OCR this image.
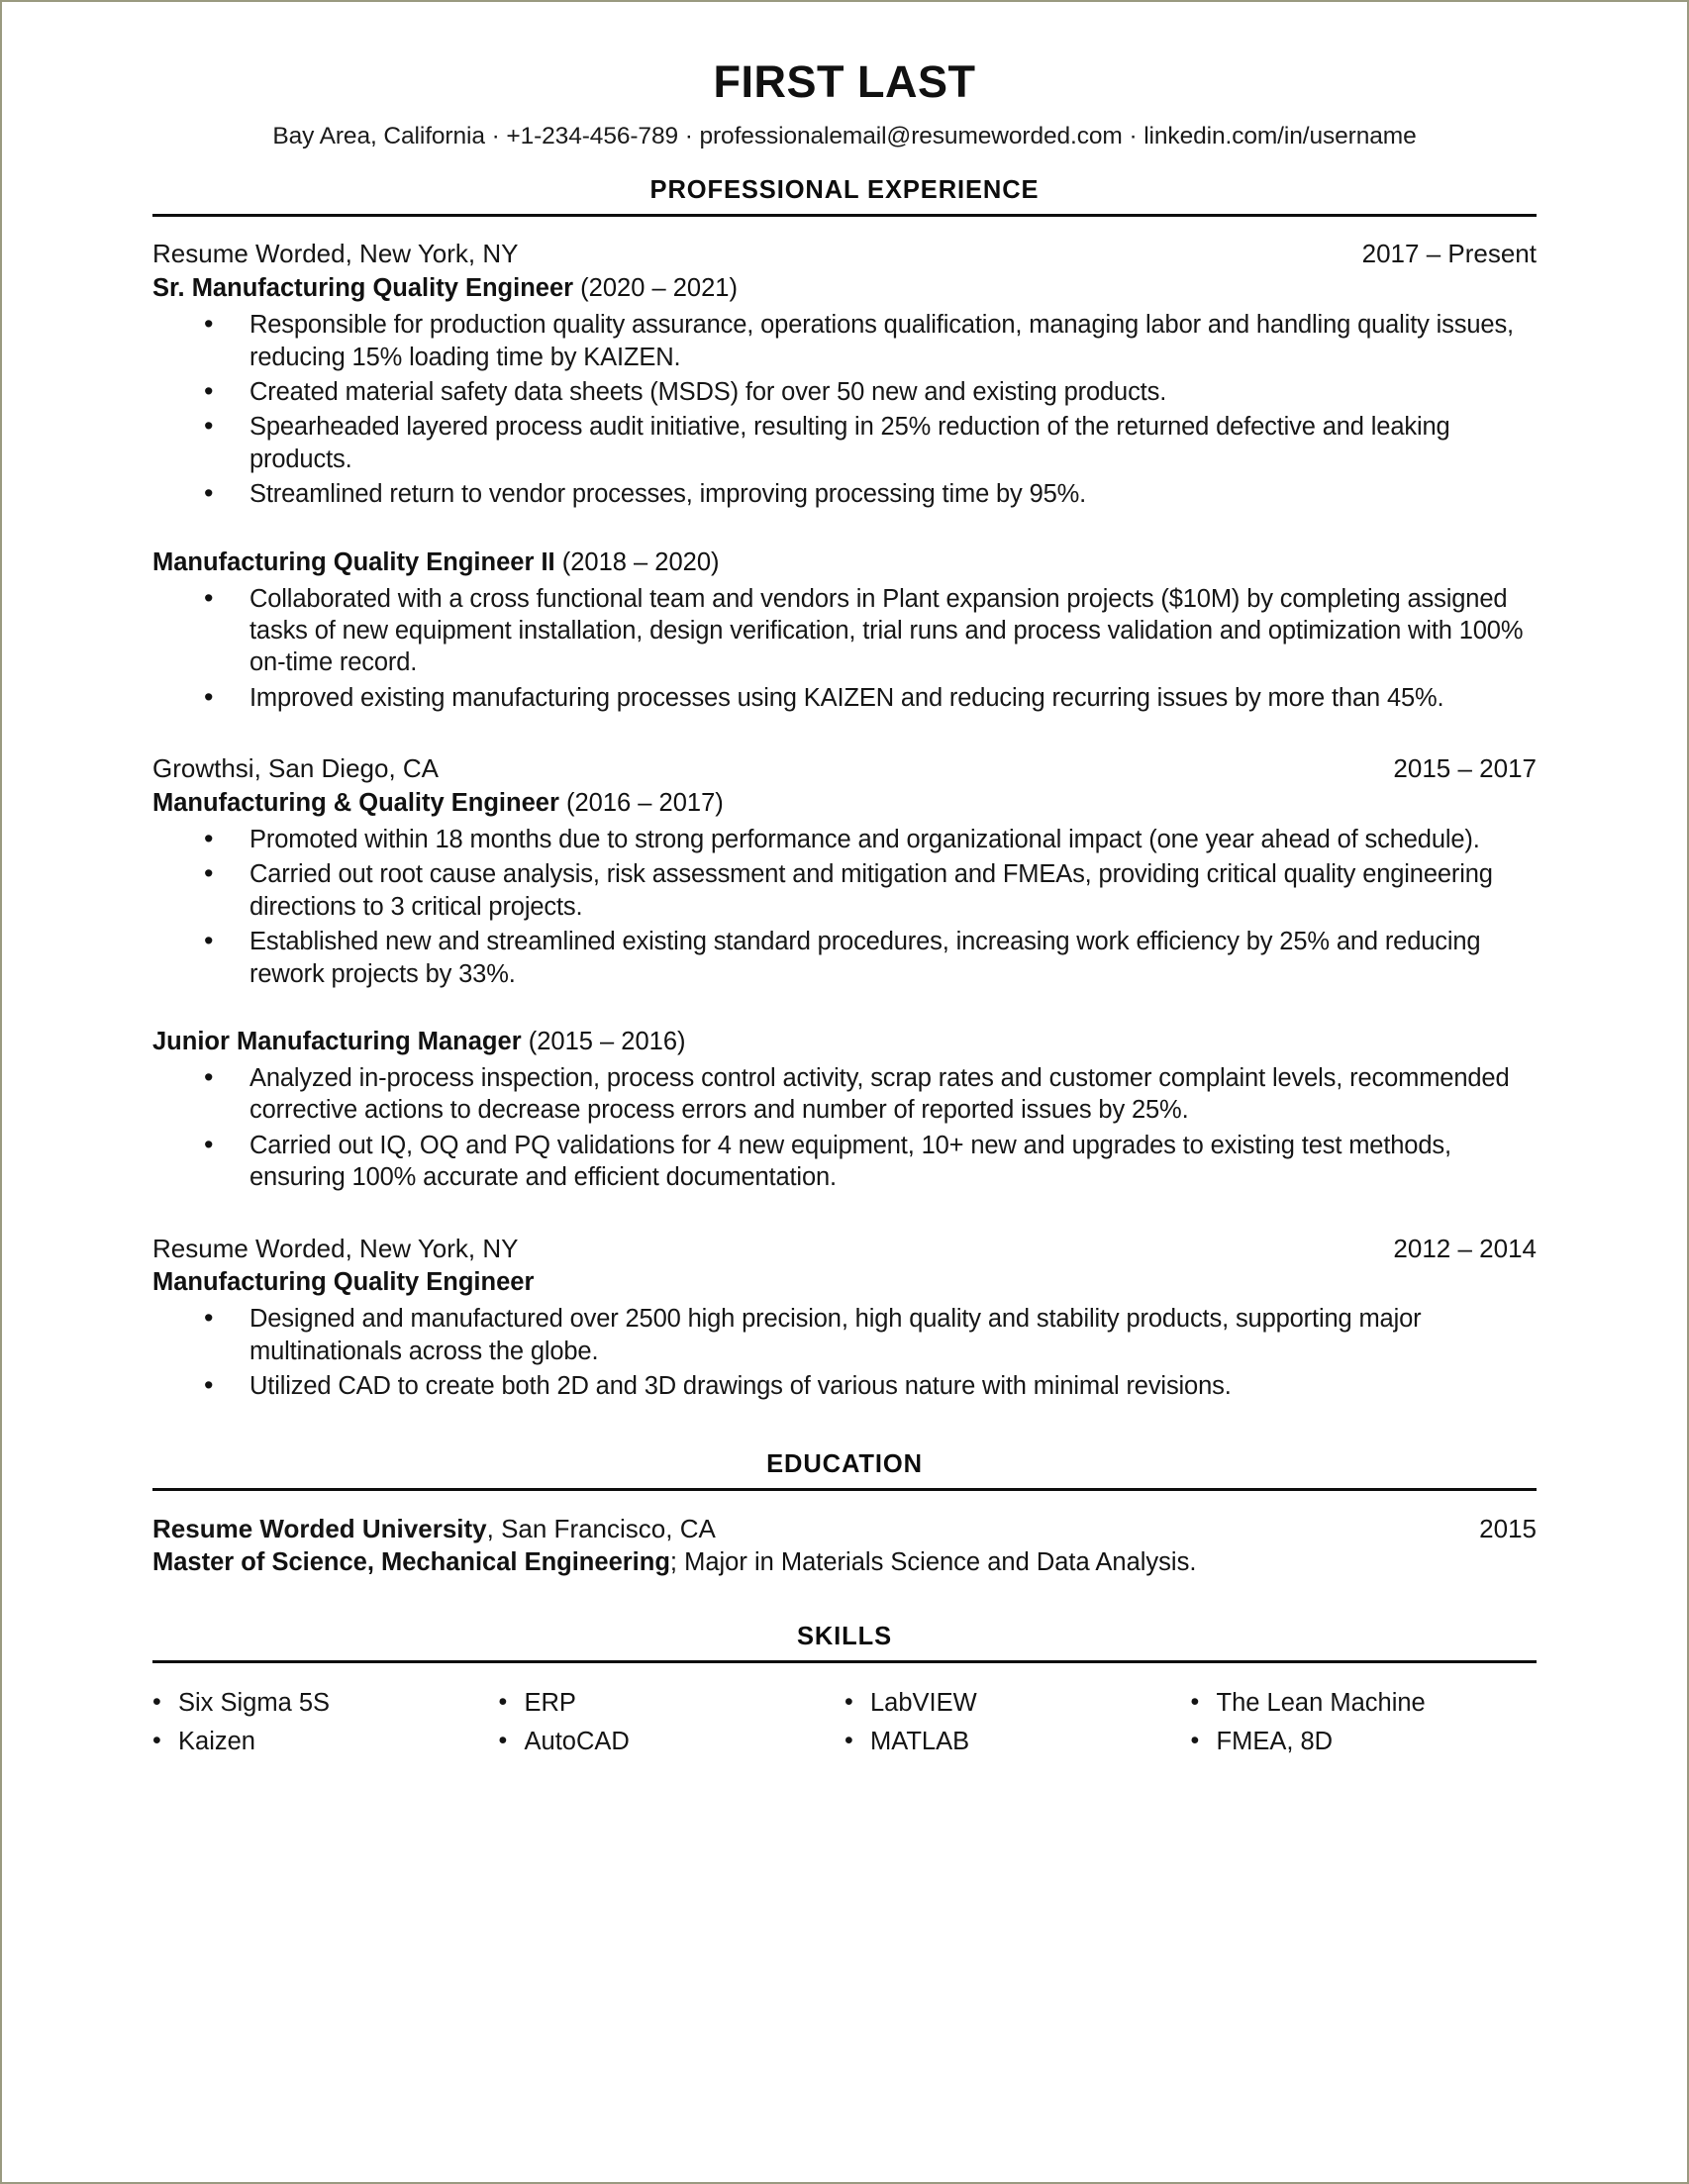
FIRST LAST
Bay Area, California · +1-234-456-789 · professionalemail@resumeworded.com · linkedin.com/in/username
PROFESSIONAL EXPERIENCE
Resume Worded, New York, NY	2017 – Present
Sr. Manufacturing Quality Engineer (2020 – 2021)
• Responsible for production quality assurance, operations qualification, managing labor and handling quality issues, reducing 15% loading time by KAIZEN.
• Created material safety data sheets (MSDS) for over 50 new and existing products.
• Spearheaded layered process audit initiative, resulting in 25% reduction of the returned defective and leaking products.
• Streamlined return to vendor processes, improving processing time by 95%.
Manufacturing Quality Engineer II (2018 – 2020)
• Collaborated with a cross functional team and vendors in Plant expansion projects ($10M) by completing assigned tasks of new equipment installation, design verification, trial runs and process validation and optimization with 100% on-time record.
• Improved existing manufacturing processes using KAIZEN and reducing recurring issues by more than 45%.
Growthsi, San Diego, CA	2015 – 2017
Manufacturing & Quality Engineer (2016 – 2017)
• Promoted within 18 months due to strong performance and organizational impact (one year ahead of schedule).
• Carried out root cause analysis, risk assessment and mitigation and FMEAs, providing critical quality engineering directions to 3 critical projects.
• Established new and streamlined existing standard procedures, increasing work efficiency by 25% and reducing rework projects by 33%.
Junior Manufacturing Manager (2015 – 2016)
• Analyzed in-process inspection, process control activity, scrap rates and customer complaint levels, recommended corrective actions to decrease process errors and number of reported issues by 25%.
• Carried out IQ, OQ and PQ validations for 4 new equipment, 10+ new and upgrades to existing test methods, ensuring 100% accurate and efficient documentation.
Resume Worded, New York, NY	2012 – 2014
Manufacturing Quality Engineer
• Designed and manufactured over 2500 high precision, high quality and stability products, supporting major multinationals across the globe.
• Utilized CAD to create both 2D and 3D drawings of various nature with minimal revisions.
EDUCATION
Resume Worded University, San Francisco, CA	2015
Master of Science, Mechanical Engineering; Major in Materials Science and Data Analysis.
SKILLS
• Six Sigma 5S	• ERP	• LabVIEW	• The Lean Machine
• Kaizen	• AutoCAD	• MATLAB	• FMEA, 8D
